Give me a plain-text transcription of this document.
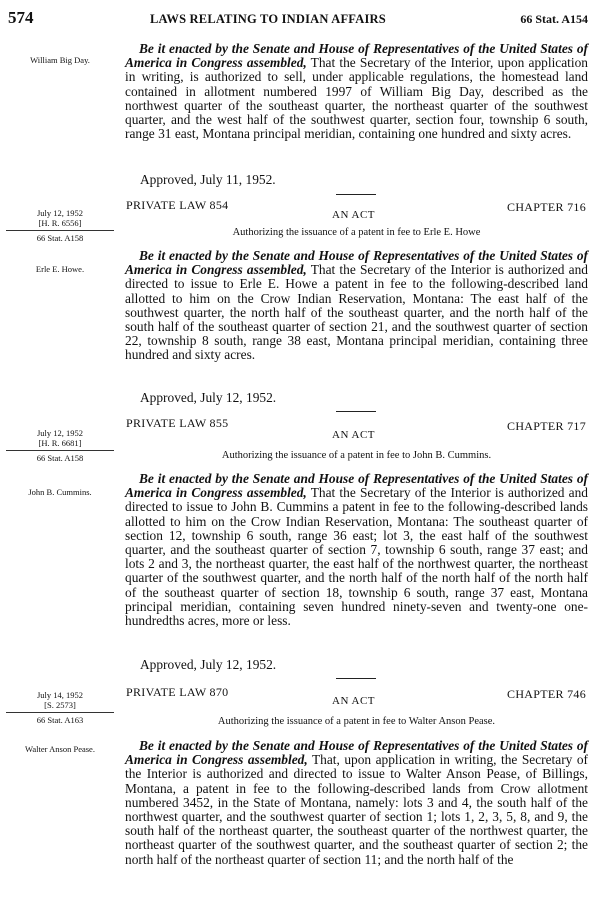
574	LAWS RELATING TO INDIAN AFFAIRS	66 Stat. A154
William Big Day.

Be it enacted by the Senate and House of Representatives of the United States of America in Congress assembled, That the Secretary of the Interior, upon application in writing, is authorized to sell, under applicable regulations, the homestead land contained in allotment numbered 1997 of William Big Day, described as the northwest quarter of the southeast quarter, the northeast quarter of the southwest quarter, and the west half of the southwest quarter, section four, township 6 south, range 31 east, Montana principal meridian, containing one hundred and sixty acres.

Approved, July 11, 1952.
PRIVATE LAW 854	CHAPTER 716
AN ACT
Authorizing the issuance of a patent in fee to Erle E. Howe
July 12, 1952
[H. R. 6556]
66 Stat. A158
Erle E. Howe.

Be it enacted by the Senate and House of Representatives of the United States of America in Congress assembled, That the Secretary of the Interior is authorized and directed to issue to Erle E. Howe a patent in fee to the following-described land allotted to him on the Crow Indian Reservation, Montana: The east half of the southwest quarter, the north half of the southeast quarter, and the north half of the south half of the southeast quarter of section 21, and the southwest quarter of section 22, township 8 south, range 38 east, Montana principal meridian, containing three hundred and sixty acres.

Approved, July 12, 1952.
PRIVATE LAW 855	CHAPTER 717
AN ACT
Authorizing the issuance of a patent in fee to John B. Cummins.
July 12, 1952
[H. R. 6681]
66 Stat. A158
John B. Cummins.

Be it enacted by the Senate and House of Representatives of the United States of America in Congress assembled, That the Secretary of the Interior is authorized and directed to issue to John B. Cummins a patent in fee to the following-described lands allotted to him on the Crow Indian Reservation, Montana: The southeast quarter of section 12, township 6 south, range 36 east; lot 3, the east half of the southwest quarter, and the southeast quarter of section 7, township 6 south, range 37 east; and lots 2 and 3, the northeast quarter, the east half of the northwest quarter, the northeast quarter of the southwest quarter, and the north half of the north half of the north half of the southeast quarter of section 18, township 6 south, range 37 east, Montana principal meridian, containing seven hundred ninety-seven and twenty-one one-hundredths acres, more or less.

Approved, July 12, 1952.
PRIVATE LAW 870	CHAPTER 746
AN ACT
Authorizing the issuance of a patent in fee to Walter Anson Pease.
July 14, 1952
[S. 2573]
66 Stat. A163
Walter Anson Pease.	Be it enacted by the Senate and House of Representatives of the United States of America in Congress assembled, That, upon application in writing, the Secretary of the Interior is authorized and directed to issue to Walter Anson Pease, of Billings, Montana, a patent in fee to the following-described lands from Crow allotment numbered 3452, in the State of Montana, namely: lots 3 and 4, the south half of the northwest quarter, and the southwest quarter of section 1; lots 1, 2, 3, 5, 8, and 9, the south half of the northeast quarter, the southeast quarter of the northwest quarter, the northeast quarter of the southwest quarter, and the southeast quarter of section 2; the north half of the northeast quarter of section 11; and the north half of the
